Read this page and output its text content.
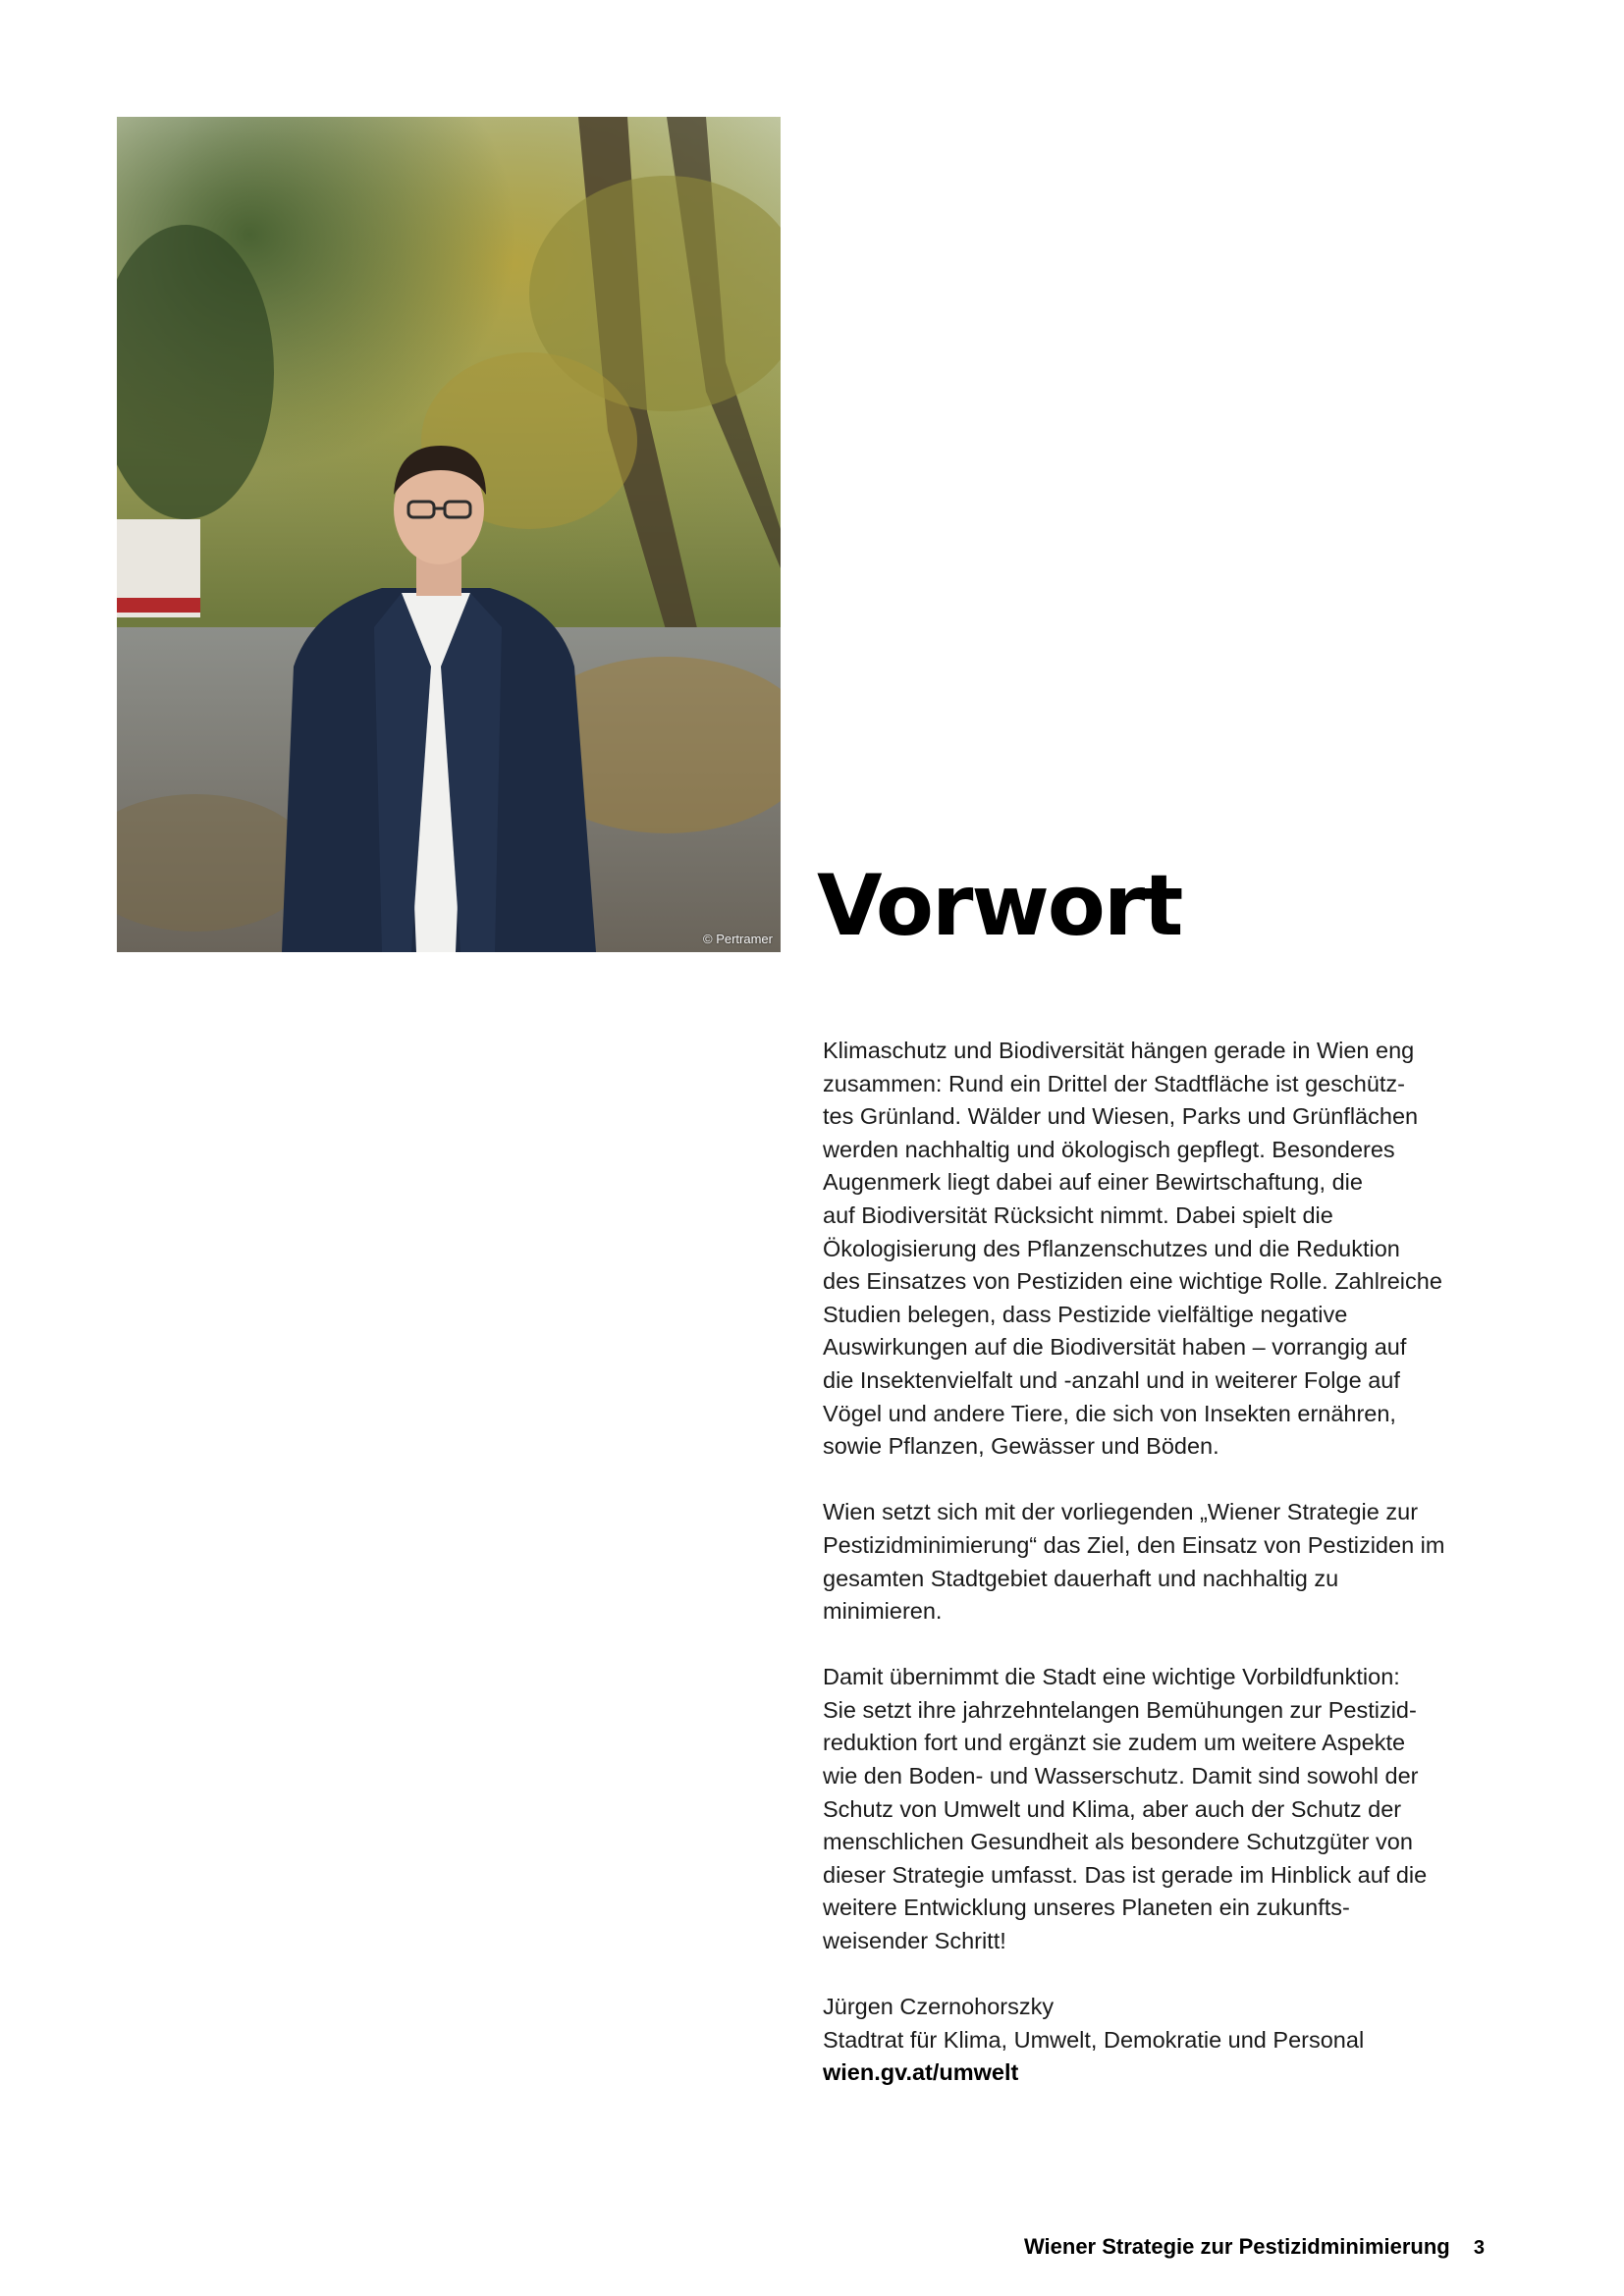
© Pertramer Vorwort

Klimaschutz und Biodiversität hängen gerade in Wien eng
zusammen: Rund ein Drittel der Stadtfläche ist geschütz-
tes Grünland. Wälder und Wiesen, Parks und Grünflächen
werden nachhaltig und ökologisch gepflegt. Besonderes
Augenmerk liegt dabei auf einer Bewirtschaftung, die
auf Biodiversität Rücksicht nimmt. Dabei spielt die
Ökologisierung des Pflanzenschutzes und die Reduktion
des Einsatzes von Pestiziden eine wichtige Rolle. Zahlreiche
Studien belegen, dass Pestizide vielfältige negative
Auswirkungen auf die Biodiversität haben – vorrangig auf
die Insektenvielfalt und -anzahl und in weiterer Folge auf
Vögel und andere Tiere, die sich von Insekten ernähren,
sowie Pflanzen, Gewässer und Böden.

Wien setzt sich mit der vorliegenden „Wiener Strategie zur
Pestizidminimierung“ das Ziel, den Einsatz von Pestiziden im
gesamten Stadtgebiet dauerhaft und nachhaltig zu
minimieren.

Damit übernimmt die Stadt eine wichtige Vorbildfunktion:
Sie setzt ihre jahrzehntelangen Bemühungen zur Pestizid-
reduktion fort und ergänzt sie zudem um weitere Aspekte
wie den Boden- und Wasserschutz. Damit sind sowohl der
Schutz von Umwelt und Klima, aber auch der Schutz der
menschlichen Gesundheit als besondere Schutzgüter von
dieser Strategie umfasst. Das ist gerade im Hinblick auf die
weitere Entwicklung unseres Planeten ein zukunfts-
weisender Schritt!

Jürgen Czernohorszky
Stadtrat für Klima, Umwelt, Demokratie und Personal
wien.gv.at/umwelt
Wiener Strategie zur Pestizidminimierung 3
